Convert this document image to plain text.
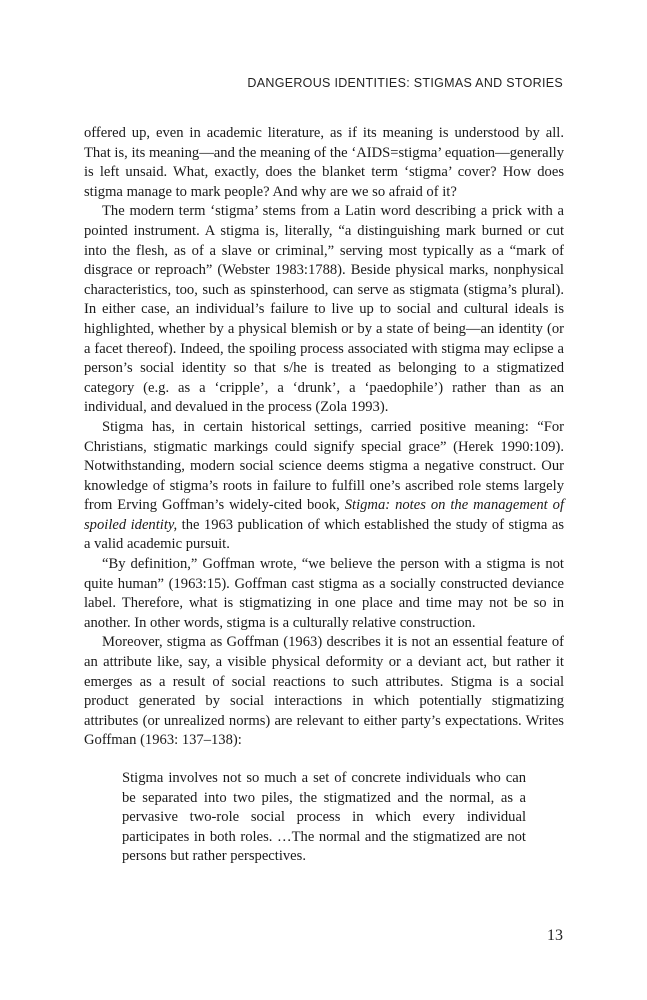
DANGEROUS IDENTITIES: STIGMAS AND STORIES

offered up, even in academic literature, as if its meaning is understood by all. That is, its meaning—and the meaning of the ‘AIDS=stigma’ equation—generally is left unsaid. What, exactly, does the blanket term ‘stigma’ cover? How does stigma manage to mark people? And why are we so afraid of it?

The modern term ‘stigma’ stems from a Latin word describing a prick with a pointed instrument. A stigma is, literally, “a distinguishing mark burned or cut into the flesh, as of a slave or criminal,” serving most typically as a “mark of disgrace or reproach” (Webster 1983:1788). Beside physical marks, nonphysical characteristics, too, such as spinsterhood, can serve as stigmata (stigma’s plural). In either case, an individual’s failure to live up to social and cultural ideals is highlighted, whether by a physical blemish or by a state of being—an identity (or a facet thereof). Indeed, the spoiling process associated with stigma may eclipse a person’s social identity so that s/he is treated as belonging to a stigmatized category (e.g. as a ‘cripple’, a ‘drunk’, a ‘paedophile’) rather than as an individual, and devalued in the process (Zola 1993).

Stigma has, in certain historical settings, carried positive meaning: “For Christians, stigmatic markings could signify special grace” (Herek 1990:109). Notwithstanding, modern social science deems stigma a negative construct. Our knowledge of stigma’s roots in failure to fulfill one’s ascribed role stems largely from Erving Goffman’s widely-cited book, Stigma: notes on the management of spoiled identity, the 1963 publication of which established the study of stigma as a valid academic pursuit.

“By definition,” Goffman wrote, “we believe the person with a stigma is not quite human” (1963:15). Goffman cast stigma as a socially constructed deviance label. Therefore, what is stigmatizing in one place and time may not be so in another. In other words, stigma is a culturally relative construction.

Moreover, stigma as Goffman (1963) describes it is not an essential feature of an attribute like, say, a visible physical deformity or a deviant act, but rather it emerges as a result of social reactions to such attributes. Stigma is a social product generated by social interactions in which potentially stigmatizing attributes (or unrealized norms) are relevant to either party’s expectations. Writes Goffman (1963: 137–138):

Stigma involves not so much a set of concrete individuals who can be separated into two piles, the stigmatized and the normal, as a pervasive two-role social process in which every individual participates in both roles. …The normal and the stigmatized are not persons but rather perspectives.
13
